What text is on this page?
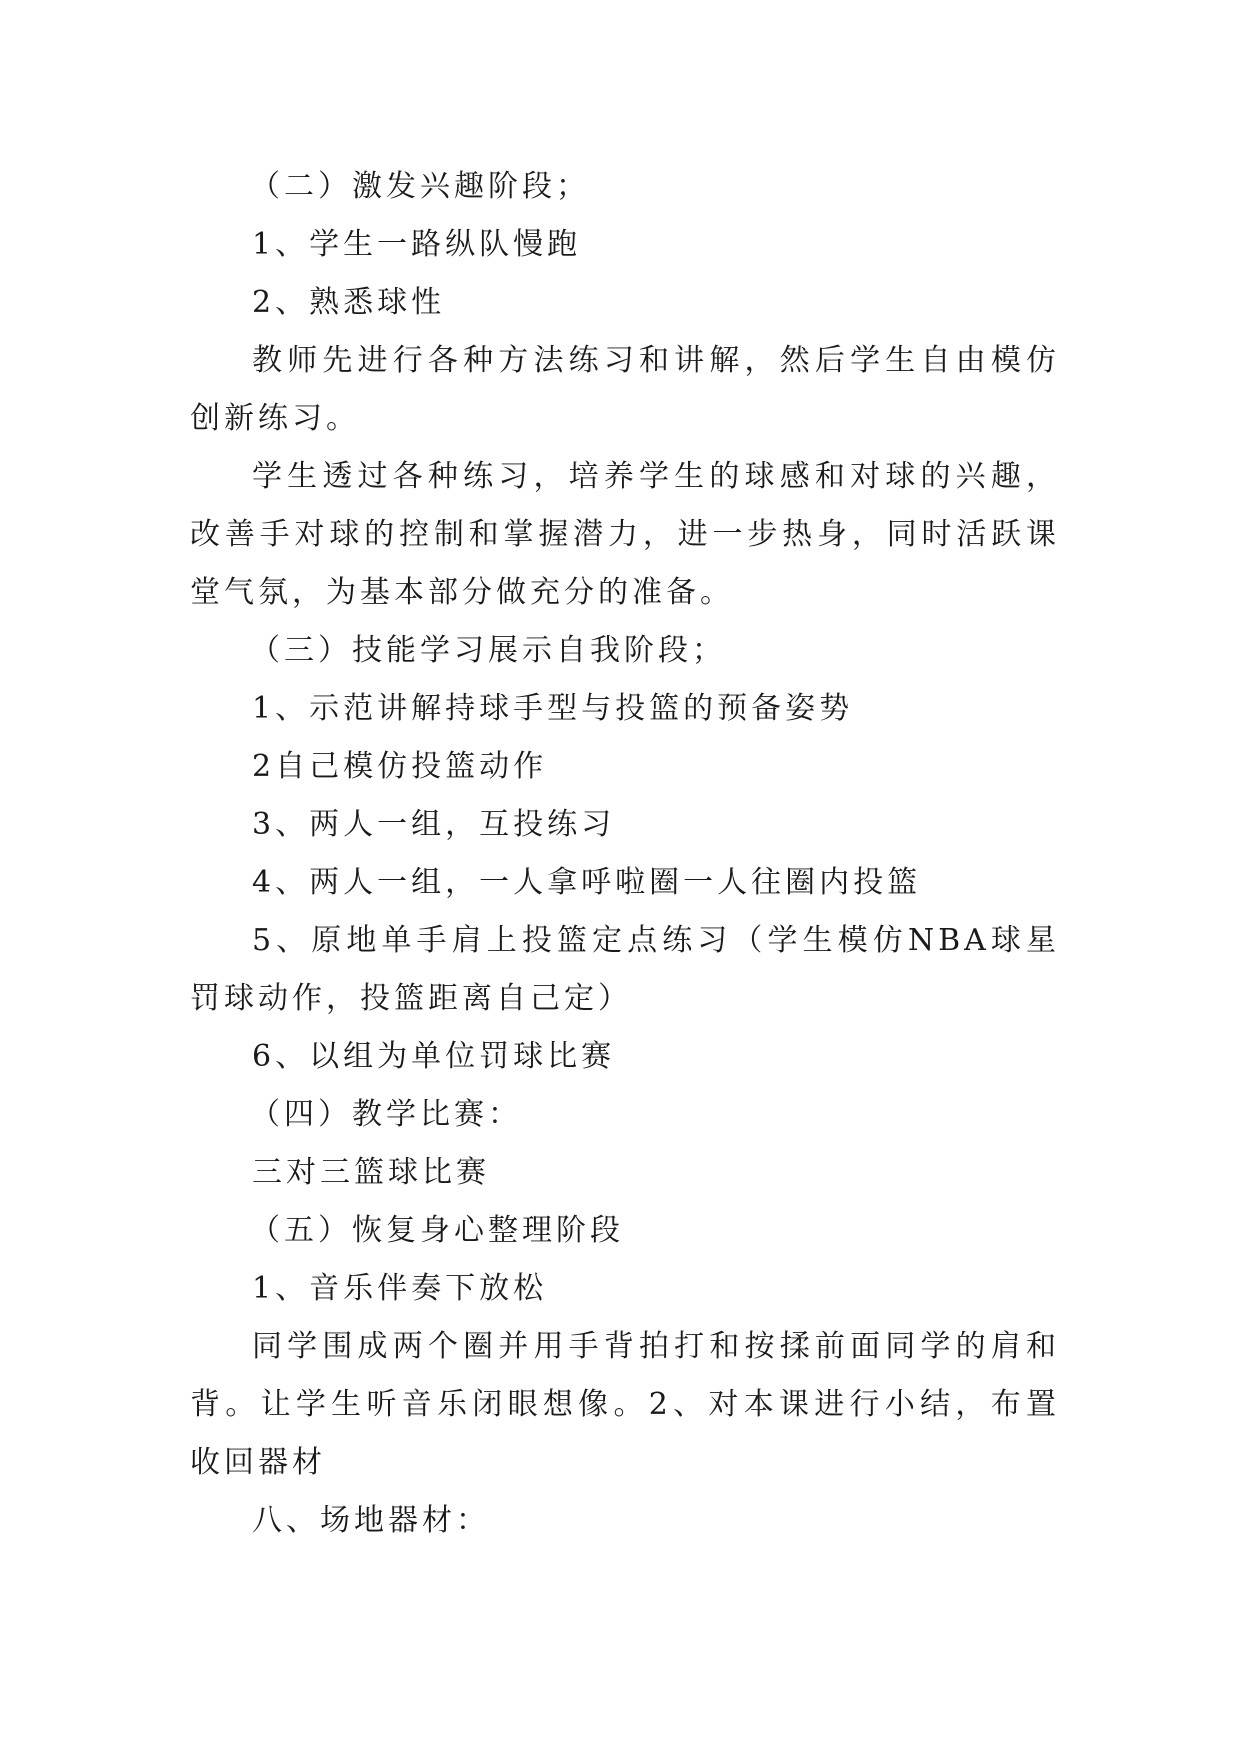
（二）激发兴趣阶段；

1、学生一路纵队慢跑

2、熟悉球性

教师先进行各种方法练习和讲解，然后学生自由模仿创新练习。

学生透过各种练习，培养学生的球感和对球的兴趣，改善手对球的控制和掌握潜力，进一步热身，同时活跃课堂气氛，为基本部分做充分的准备。

（三）技能学习展示自我阶段；

1、示范讲解持球手型与投篮的预备姿势

2自己模仿投篮动作

3、两人一组，互投练习

4、两人一组，一人拿呼啦圈一人往圈内投篮

5、原地单手肩上投篮定点练习（学生模仿NBA球星罚球动作，投篮距离自己定）

6、以组为单位罚球比赛

（四）教学比赛：

三对三篮球比赛

（五）恢复身心整理阶段

1、音乐伴奏下放松

同学围成两个圈并用手背拍打和按揉前面同学的肩和背。让学生听音乐闭眼想像。2、对本课进行小结，布置收回器材

八、场地器材：
